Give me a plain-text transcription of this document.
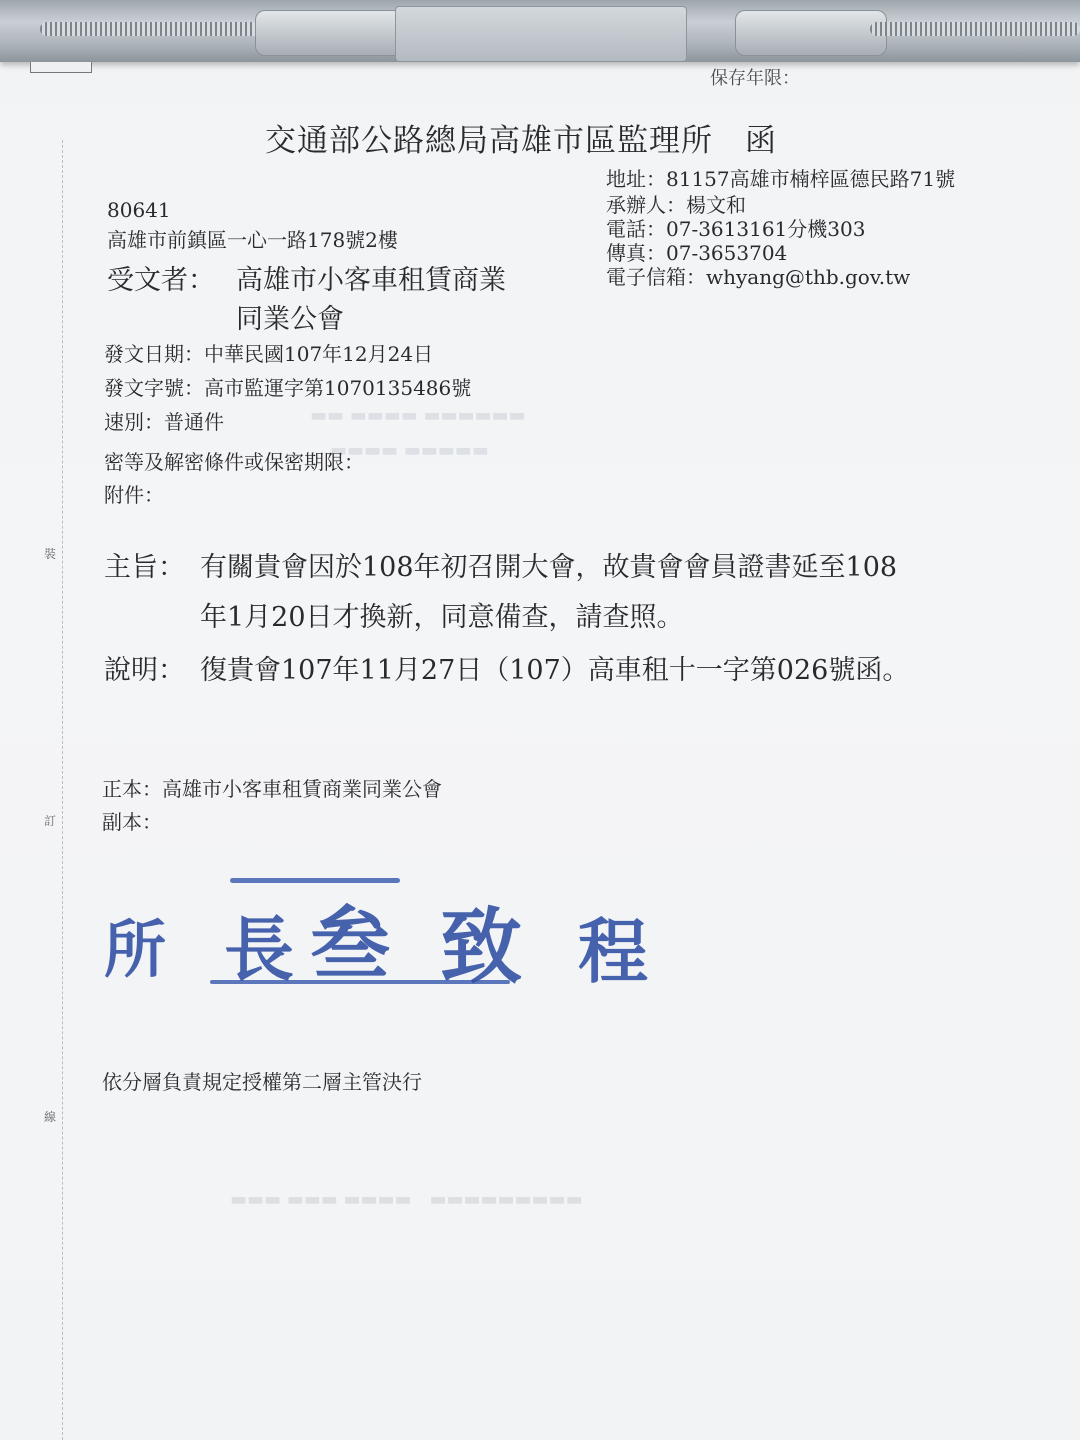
▬▬ ▬▬▬▬ ▬▬▬▬▬▬
▬▬▬▬ ▬▬▬▬▬
▬▬▬ ▬▬▬ ▬▬▬▬　▬▬▬▬▬▬▬▬▬
裝
訂
線
保存年限：
交通部公路總局高雄市區監理所　函
地址：81157高雄市楠梓區德民路71號
承辦人：楊文和
電話：07-3613161分機303
傳真：07-3653704
電子信箱：whyang@thb.gov.tw
80641
高雄市前鎮區一心一路178號2樓
受文者： 高雄市小客車租賃商業
同業公會
發文日期：中華民國107年12月24日
發文字號：高市監運字第1070135486號
速別：普通件
密等及解密條件或保密期限：
附件：
主旨： 有關貴會因於108年初召開大會，故貴會會員證書延至108
年1月20日才換新，同意備查，請查照。
說明： 復貴會107年11月27日（107）高車租十一字第026號函。
正本：高雄市小客車租賃商業同業公會
副本：
所 長 叁 致 程
依分層負責規定授權第二層主管決行
